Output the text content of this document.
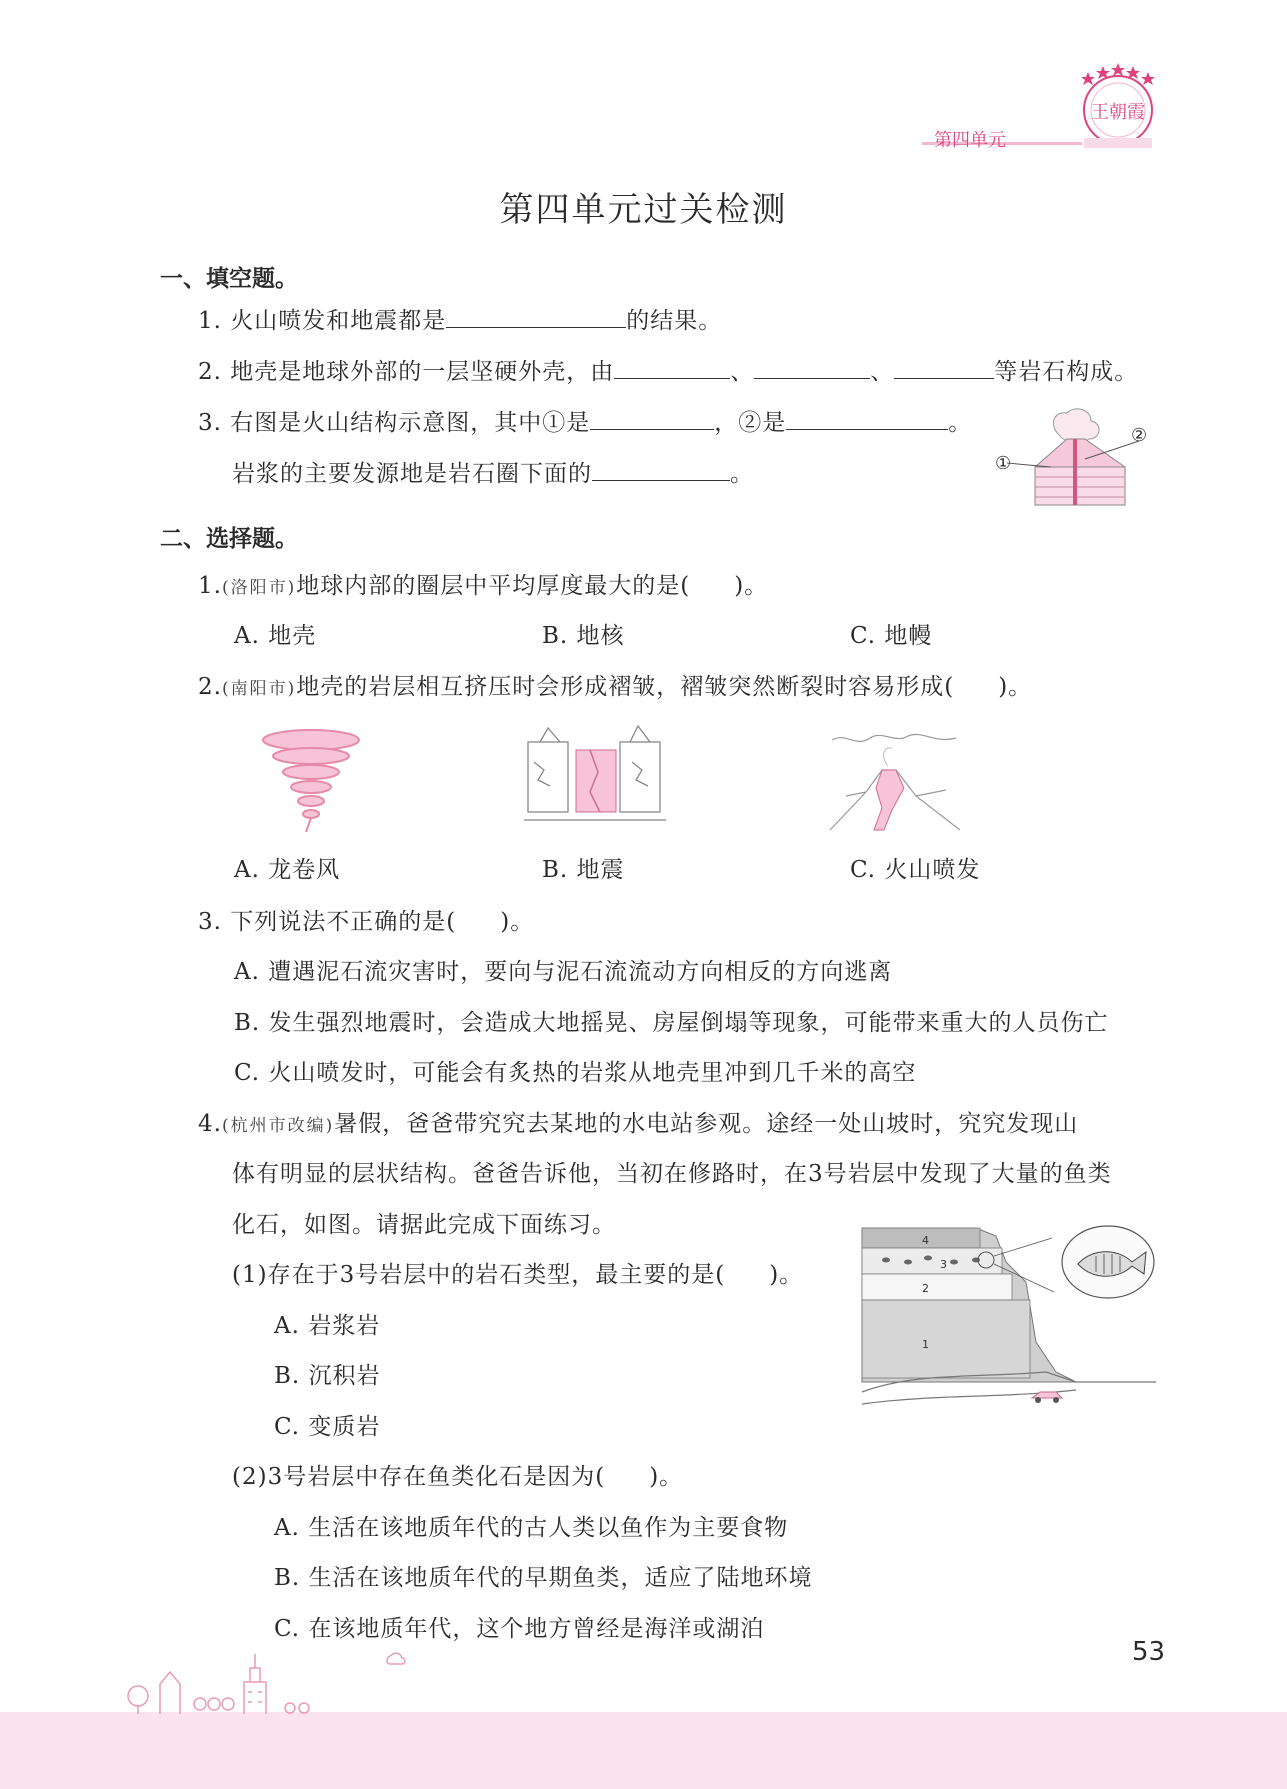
第四单元
王朝霞
第四单元过关检测
一、填空题。
1. 火山喷发和地震都是	的结果。
2. 地壳是地球外部的一层坚硬外壳，由	、	、	等岩石构成。
3. 右图是火山结构示意图，其中①是	，②是	。
岩浆的主要发源地是岩石圈下面的	。	①
②
二、选择题。
1.(洛阳市)地球内部的圈层中平均厚度最大的是( )。
A. 地壳	B. 地核	C. 地幔
2.(南阳市)地壳的岩层相互挤压时会形成褶皱，褶皱突然断裂时容易形成( )。
A. 龙卷风	B. 地震	C. 火山喷发
3. 下列说法不正确的是( )。
A. 遭遇泥石流灾害时，要向与泥石流流动方向相反的方向逃离
B. 发生强烈地震时，会造成大地摇晃、房屋倒塌等现象，可能带来重大的人员伤亡
C. 火山喷发时，可能会有炙热的岩浆从地壳里冲到几千米的高空
4.(杭州市改编)暑假，爸爸带究究去某地的水电站参观。途经一处山坡时，究究发现山
体有明显的层状结构。爸爸告诉他，当初在修路时，在3号岩层中发现了大量的鱼类
化石，如图。请据此完成下面练习。
(1)存在于3号岩层中的岩石类型，最主要的是( )。
A. 岩浆岩
B. 沉积岩
C. 变质岩
(2)3号岩层中存在鱼类化石是因为( )。
A. 生活在该地质年代的古人类以鱼作为主要食物
B. 生活在该地质年代的早期鱼类，适应了陆地环境
C. 在该地质年代，这个地方曾经是海洋或湖泊
4
3
2
1
53
